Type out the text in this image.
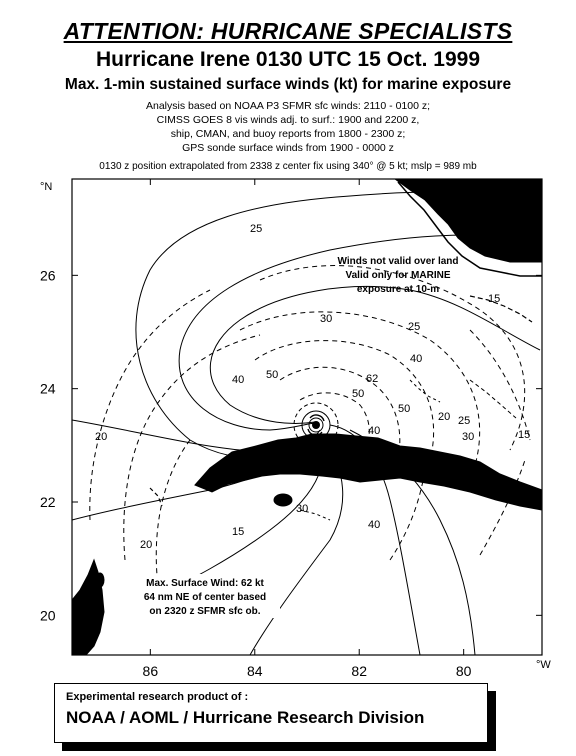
ATTENTION: HURRICANE SPECIALISTS
Hurricane Irene 0130 UTC 15 Oct. 1999
Max. 1-min sustained surface winds (kt) for marine exposure
Analysis based on NOAA P3 SFMR sfc winds: 2110 - 0100 z;
CIMSS GOES 8 vis winds adj. to surf.: 1900 and 2200 z,
ship, CMAN, and buoy reports from 1800 - 2300 z;
GPS sonde surface winds from 1900 - 0000 z
0130 z position extrapolated from 2338 z center fix using 340° @ 5 kt; mslp = 989 mb
25
30
25
40
50
40
50
62
50
40
20
15
40
30
15
20
15
20 25
30
86	84	82	80
26
24
22
20
°N
°W
Winds not valid over land
Valid only for MARINE
exposure at 10-m
Max. Surface Wind: 62 kt
64 nm NE of center based
on 2320 z SFMR sfc ob.
Experimental research product of :
NOAA / AOML / Hurricane Research Division
